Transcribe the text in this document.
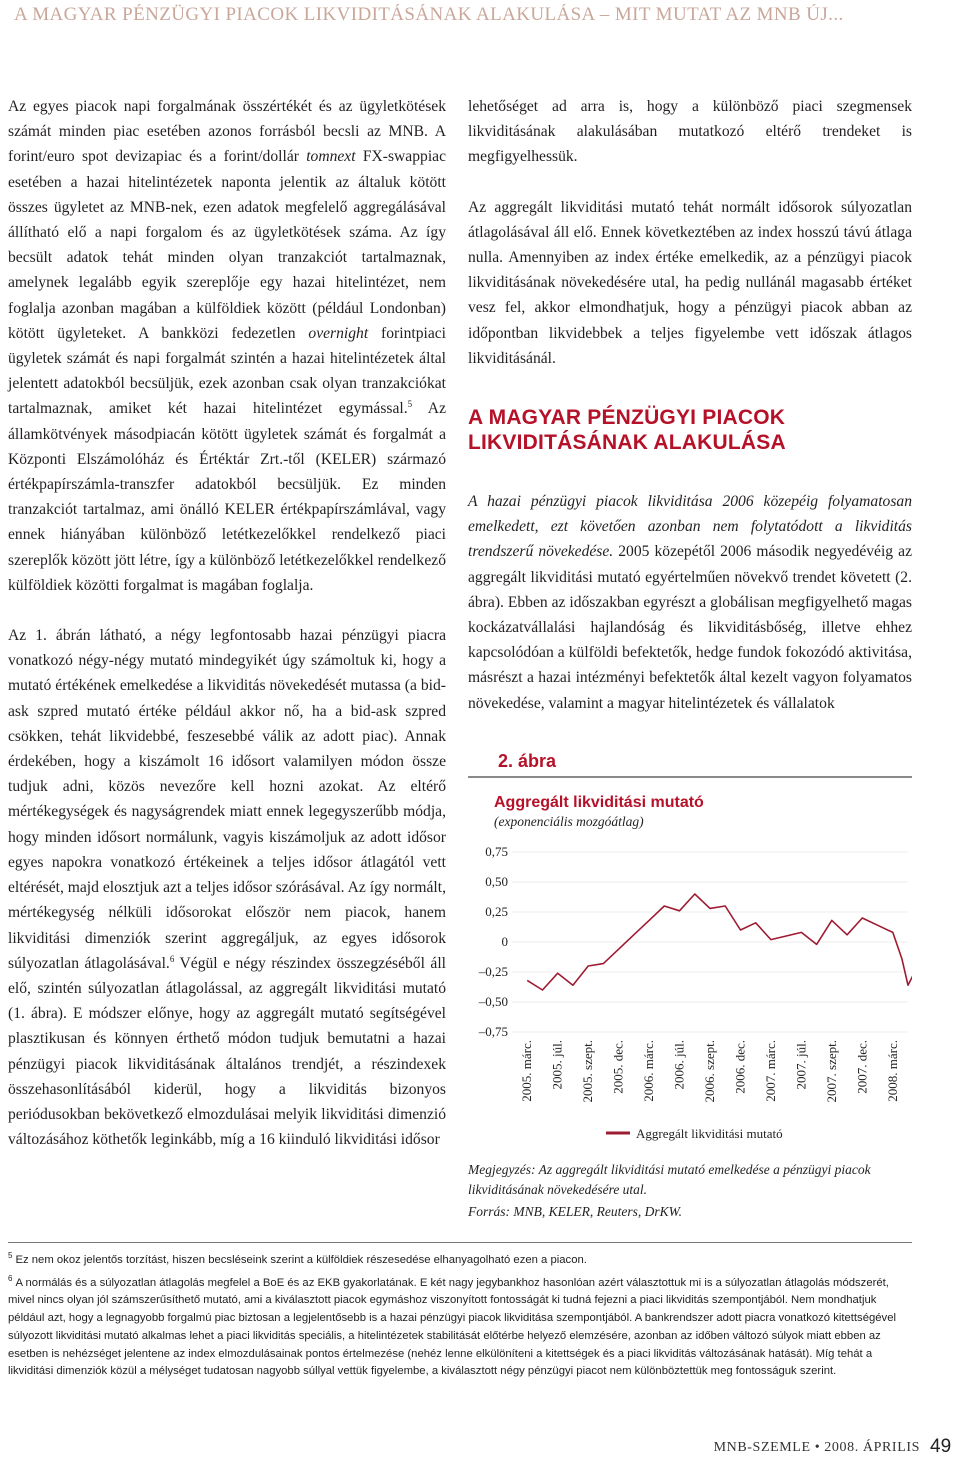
A MAGYAR PÉNZÜGYI PIACOK LIKVIDITÁSÁNAK ALAKULÁSA – MIT MUTAT AZ MNB ÚJ...

Az egyes piacok napi forgalmának összértékét és az ügyletkötések számát minden piac esetében azonos forrásból becsli az MNB. A forint/euro spot devizapiac és a forint/dollár tomnext FX-swappiac esetében a hazai hitelintézetek naponta jelentik az általuk kötött összes ügyletet az MNB-nek, ezen adatok megfelelő aggregálásával állítható elő a napi forgalom és az ügyletkötések száma. Az így becsült adatok tehát minden olyan tranzakciót tartalmaznak, amelynek legalább egyik szereplője egy hazai hitelintézet, nem foglalja azonban magában a külföldiek között (például Londonban) kötött ügyleteket. A bankközi fedezetlen overnight forintpiaci ügyletek számát és napi forgalmát szintén a hazai hitelintézetek által jelentett adatokból becsüljük, ezek azonban csak olyan tranzakciókat tartalmaznak, amiket két hazai hitelintézet egymással.$^5$ Az államkötvények másodpiacán kötött ügyletek számát és forgalmát a Központi Elszámolóház és Értéktár Zrt.-től (KELER) származó értékpapírszámla-transzfer adatokból becsüljük. Ez minden tranzakciót tartalmaz, ami önálló KELER értékpapírszámlával, vagy ennek hiányában különböző letétkezelőkkel rendelkező piaci szereplők között jött létre, így a különböző letétkezelőkkel rendelkező külföldiek közötti forgalmat is magában foglalja.

Az 1. ábrán látható, a négy legfontosabb hazai pénzügyi piacra vonatkozó négy-négy mutató mindegyikét úgy számoltuk ki, hogy a mutató értékének emelkedése a likviditás növekedését mutassa (a bid-ask szpred mutató értéke például akkor nő, ha a bid-ask szpred csökken, tehát likvidebbé, feszesebbé válik az adott piac). Annak érdekében, hogy a kiszámolt 16 idősort valamilyen módon össze tudjuk adni, közös nevezőre kell hozni azokat. Az eltérő mértékegységek és nagyságrendek miatt ennek legegyszerűbb módja, hogy minden idősort normálunk, vagyis kiszámoljuk az adott idősor egyes napokra vonatkozó értékeinek a teljes idősor átlagától vett eltérését, majd elosztjuk azt a teljes idősor szórásával. Az így normált, mértékegység nélküli idősorokat először nem piacok, hanem likviditási dimenziók szerint aggregáljuk, az egyes idősorok súlyozatlan átlagolásával.$^6$ Végül e négy részindex összegzéséből áll elő, szintén súlyozatlan átlagolással, az aggregált likviditási mutató (1. ábra). E módszer előnye, hogy az aggregált mutató segítségével plasztikusan és könnyen érthető módon tudjuk bemutatni a hazai pénzügyi piacok likviditásának általános trendjét, a részindexek összehasonlításából kiderül, hogy a likviditás bizonyos periódusokban bekövetkező elmozdulásai melyik likviditási dimenzió változásához köthetők leginkább, míg a 16 kiinduló likviditási idősor

lehetőséget ad arra is, hogy a különböző piaci szegmensek likviditásának alakulásában mutatkozó eltérő trendeket is megfigyelhessük.

Az aggregált likviditási mutató tehát normált idősorok súlyozatlan átlagolásával áll elő. Ennek következtében az index hosszú távú átlaga nulla. Amennyiben az index értéke emelkedik, az a pénzügyi piacok likviditásának növekedésére utal, ha pedig nullánál magasabb értéket vesz fel, akkor elmondhatjuk, hogy a pénzügyi piacok abban az időpontban likvidebbek a teljes figyelembe vett időszak átlagos likviditásánál.

A MAGYAR PÉNZÜGYI PIACOK LIKVIDITÁSÁNAK ALAKULÁSA

A hazai pénzügyi piacok likviditása 2006 közepéig folyamatosan emelkedett, ezt követően azonban nem folytatódott a likviditás trendszerű növekedése. 2005 közepétől 2006 második negyedévéig az aggregált likviditási mutató egyértelműen növekvő trendet követett (2. ábra). Ebben az időszakban egyrészt a globálisan megfigyelhető magas kockázatvállalási hajlandóság és likviditásbőség, illetve ehhez kapcsolódóan a külföldi befektetők, hedge fundok fokozódó aktivitása, másrészt a hazai intézményi befektetők által kezelt vagyon folyamatos növekedése, valamint a magyar hitelintézetek és vállalatok

2. ábra
Aggregált likviditási mutató
(exponenciális mozgóátlag)
0,75
0,50
0,25
0
–0,25
–0,50
–0,75
2005. márc. 2005. júl. 2005. szept. 2005. dec. 2006. márc. 2006. júl. 2006. szept. 2006. dec. 2007. márc. 2007. júl. 2007. szept. 2007. dec. 2008. márc.
Aggregált likviditási mutató
Megjegyzés: Az aggregált likviditási mutató emelkedése a pénzügyi piacok likviditásának növekedésére utal.
Forrás: MNB, KELER, Reuters, DrKW.

$^5$ Ez nem okoz jelentős torzítást, hiszen becsléseink szerint a külföldiek részesedése elhanyagolható ezen a piacon.

$^6$ A normálás és a súlyozatlan átlagolás megfelel a BoE és az EKB gyakorlatának. E két nagy jegybankhoz hasonlóan azért választottuk mi is a súlyozatlan átlagolás módszerét, mivel nincs olyan jól számszerűsíthető mutató, ami a kiválasztott piacok egymáshoz viszonyított fontosságát ki tudná fejezni a piaci likviditás szempontjából. Nem mondhatjuk például azt, hogy a legnagyobb forgalmú piac biztosan a legjelentősebb is a hazai pénzügyi piacok likviditása szempontjából. A bankrendszer adott piacra vonatkozó kitettségével súlyozott likviditási mutató alkalmas lehet a piaci likviditás speciális, a hitelintézetek stabilitását előtérbe helyező elemzésére, azonban az időben változó súlyok miatt ebben az esetben is nehézséget jelentene az index elmozdulásainak pontos értelmezése (nehéz lenne elkülöníteni a kitettségek és a piaci likviditás változásának hatását). Míg tehát a likviditási dimenziók közül a mélységet tudatosan nagyobb súllyal vettük figyelembe, a kiválasztott négy pénzügyi piacot nem különböztettük meg fontosságuk szerint.

MNB-SZEMLE • 2008. ÁPRILIS 49
